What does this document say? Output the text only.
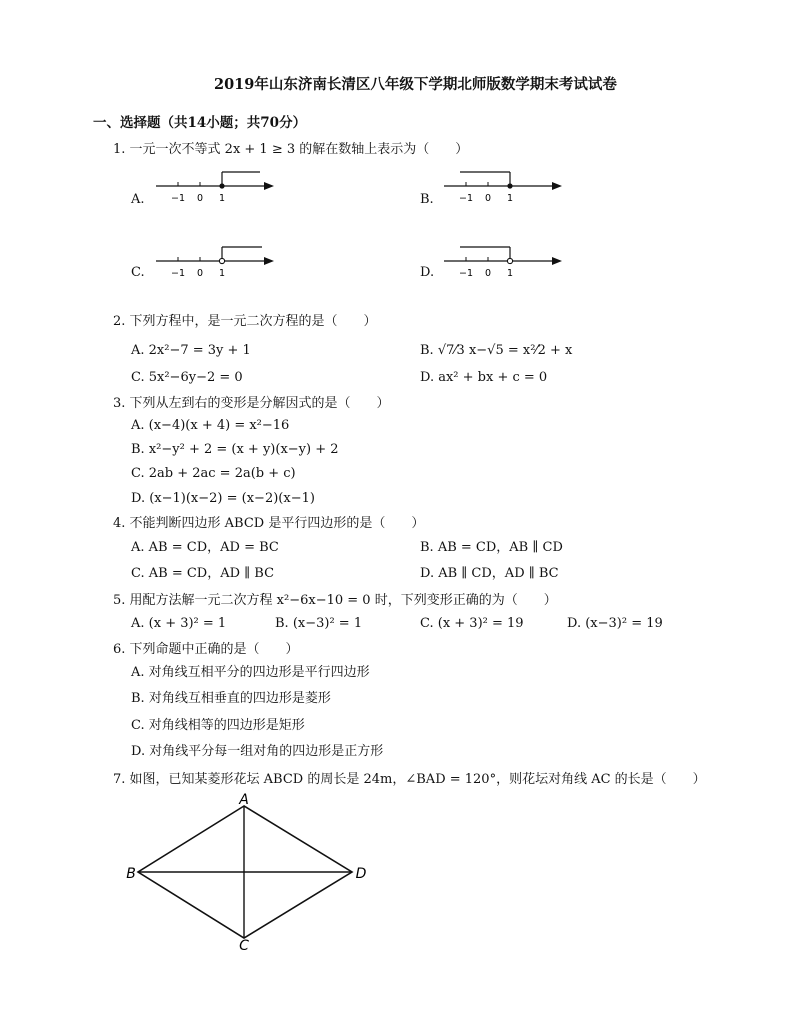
2019年山东济南长清区八年级下学期北师版数学期末考试试卷
一、选择题（共14小题；共70分）
1. 一元一次不等式 2x + 1 ≥ 3 的解在数轴上表示为（　　）
A.	−1 0 1	B.	−1 0 1
C.	−1 0 1	D.	−1 0 1
2. 下列方程中，是一元二次方程的是（　　）
A. 2x²−7 = 3y + 1	B. √7⁄3 x−√5 = x²⁄2 + x
C. 5x²−6y−2 = 0	D. ax² + bx + c = 0
3. 下列从左到右的变形是分解因式的是（　　）
A. (x−4)(x + 4) = x²−16
B. x²−y² + 2 = (x + y)(x−y) + 2
C. 2ab + 2ac = 2a(b + c)
D. (x−1)(x−2) = (x−2)(x−1)
4. 不能判断四边形 ABCD 是平行四边形的是（　　）
A. AB = CD，AD = BC	B. AB = CD，AB ∥ CD
C. AB = CD，AD ∥ BC	D. AB ∥ CD，AD ∥ BC
5. 用配方法解一元二次方程 x²−6x−10 = 0 时，下列变形正确的为（　　）
A. (x + 3)² = 1	B. (x−3)² = 1	C. (x + 3)² = 19	D. (x−3)² = 19
6. 下列命题中正确的是（　　）
A. 对角线互相平分的四边形是平行四边形
B. 对角线互相垂直的四边形是菱形
C. 对角线相等的四边形是矩形
D. 对角线平分每一组对角的四边形是正方形
7. 如图，已知某菱形花坛 ABCD 的周长是 24m，∠BAD = 120°，则花坛对角线 AC 的长是（　　）
A
B
C
D
